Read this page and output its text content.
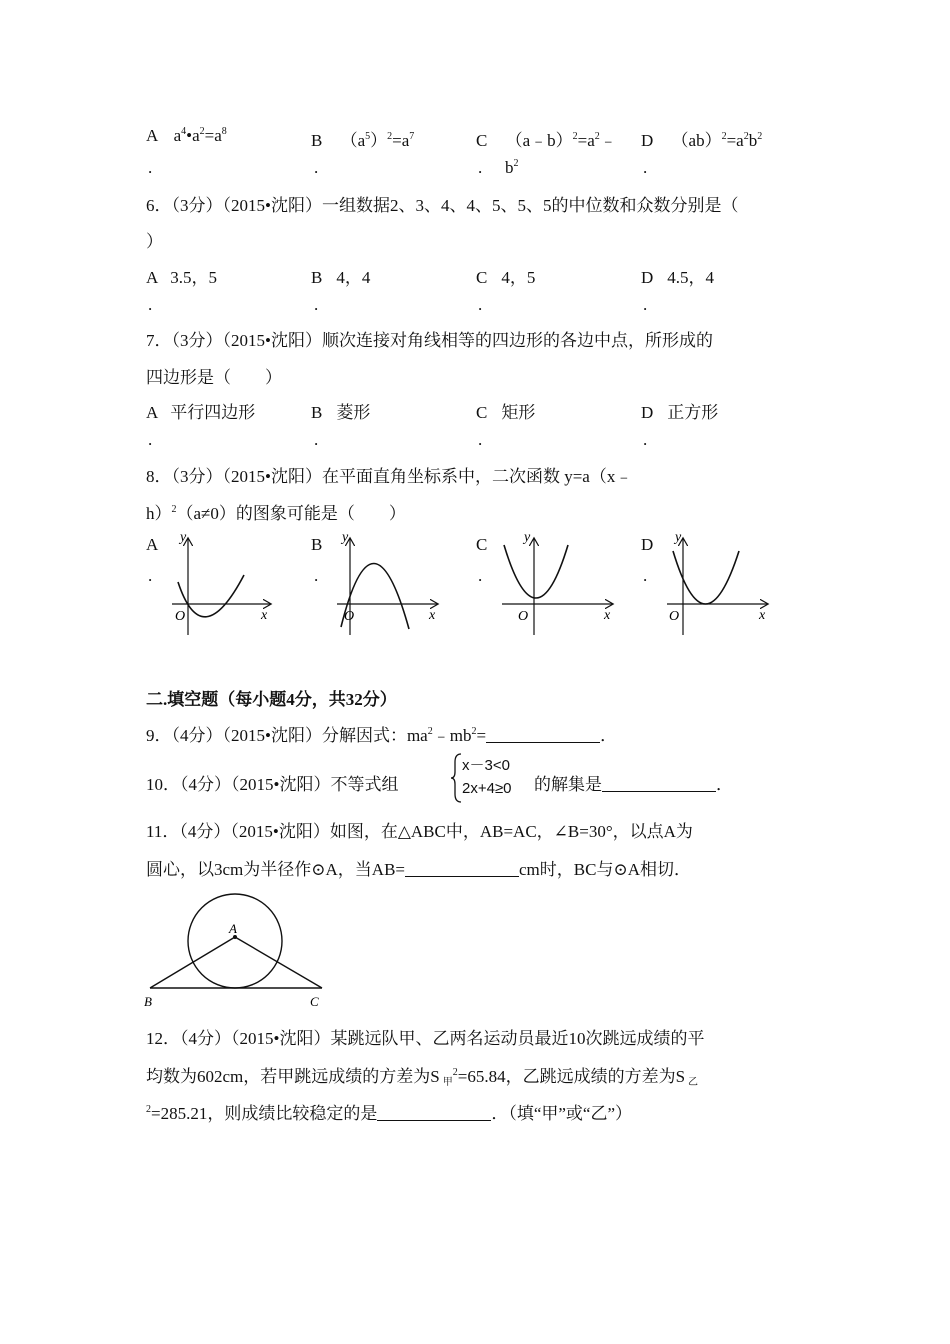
A $a^4•a^2=a^8$
.
B $(a^5)^2=a^7$
.
C $(a﹣b)^2=a^2﹣$
. $b^2$
D $(ab)^2=a^2b^2$
.
6．（3分）（2015•沈阳）一组数据2、3、4、4、5、5、5的中位数和众数分别是（
）
A 3.5，5
.
B 4，4
.
C 4，5
.
D 4.5，4
.
7．（3分）（2015•沈阳）顺次连接对角线相等的四边形的各边中点，所形成的
四边形是（　　）
A 平行四边形
.
B 菱形
.
C 矩形
.
D 正方形
.
8．（3分）（2015•沈阳）在平面直角坐标系中，二次函数 y=a（x﹣
h）$^2$（a≠0）的图象可能是（　　）
A
.
B
.
C
.
D
.
y
x
O
y
x
O
y
x
O
y
x
O
二.填空题（每小题4分，共32分）
9．（4分）（2015•沈阳）分解因式：$ma^2﹣mb^2=$	．
10．（4分）（2015•沈阳）不等式组
x－3<0
2x+4≥0 的解集是	．
11．（4分）（2015•沈阳）如图，在△ABC中，AB=AC，∠B=30°，以点A为
圆心，以3cm为半径作⊙A，当AB=	cm时，BC与⊙A相切．
A
B	C
12．（4分）（2015•沈阳）某跳远队甲、乙两名运动员最近10次跳远成绩的平
均数为602cm，若甲跳远成绩的方差为S $_甲^2$=65.84，乙跳远成绩的方差为S $_乙$
$^2$=285.21，则成绩比较稳定的是	．（填“甲”或“乙”）
